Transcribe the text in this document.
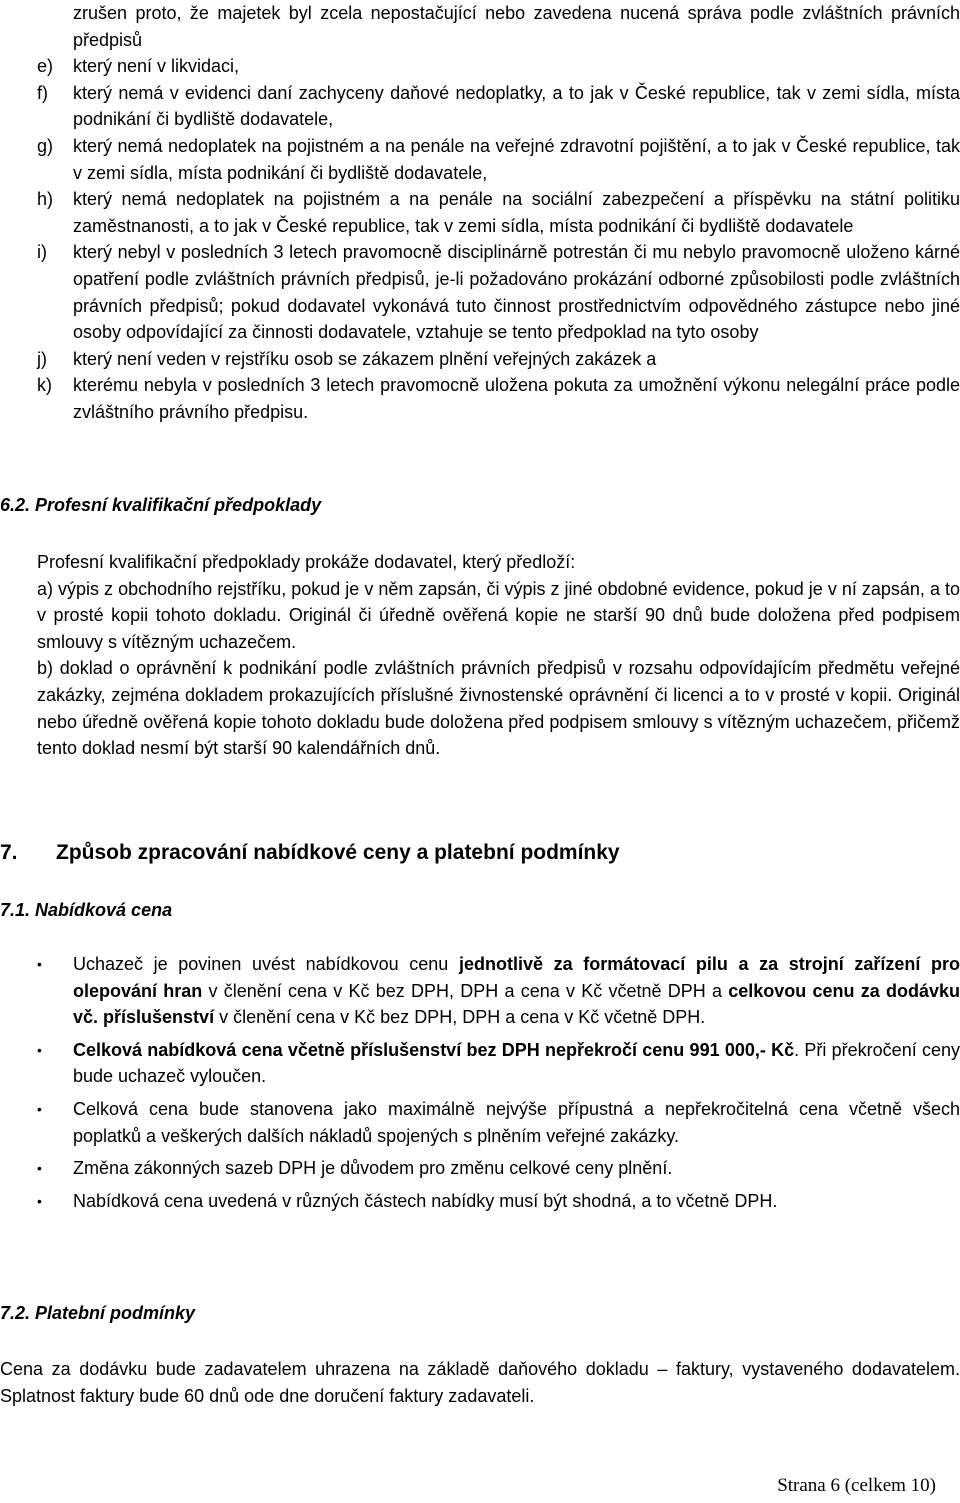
zrušen proto, že majetek byl zcela nepostačující nebo zavedena nucená správa podle zvláštních právních předpisů
e)	který není v likvidaci,
f)	který nemá v evidenci daní zachyceny daňové nedoplatky, a to jak v České republice, tak v zemi sídla, místa podnikání či bydliště dodavatele,
g)	který nemá nedoplatek na pojistném a na penále na veřejné zdravotní pojištění, a to jak v České republice, tak v zemi sídla, místa podnikání či bydliště dodavatele,
h)	který nemá nedoplatek na pojistném a na penále na sociální zabezpečení a příspěvku na státní politiku zaměstnanosti, a to jak v České republice, tak v zemi sídla, místa podnikání či bydliště dodavatele
i)	který nebyl v posledních 3 letech pravomocně disciplinárně potrestán či mu nebylo pravomocně uloženo kárné opatření podle zvláštních právních předpisů, je-li požadováno prokázání odborné způsobilosti podle zvláštních právních předpisů; pokud dodavatel vykonává tuto činnost prostřednictvím odpovědného zástupce nebo jiné osoby odpovídající za činnosti dodavatele, vztahuje se tento předpoklad na tyto osoby
j)	který není veden v rejstříku osob se zákazem plnění veřejných zakázek a
k)	kterému nebyla v posledních 3 letech pravomocně uložena pokuta za umožnění výkonu nelegální práce podle zvláštního právního předpisu.
6.2. Profesní kvalifikační předpoklady
Profesní kvalifikační předpoklady prokáže dodavatel, který předloží:
a) výpis z obchodního rejstříku, pokud je v něm zapsán, či výpis z jiné obdobné evidence, pokud je v ní zapsán, a to v prosté kopii tohoto dokladu. Originál či úředně ověřená kopie ne starší 90 dnů bude doložena před podpisem smlouvy s vítězným uchazečem.
b) doklad o oprávnění k podnikání podle zvláštních právních předpisů v rozsahu odpovídajícím předmětu veřejné zakázky, zejména dokladem prokazujících příslušné živnostenské oprávnění či licenci a to v prosté v kopii. Originál nebo úředně ověřená kopie tohoto dokladu bude doložena před podpisem smlouvy s vítězným uchazečem, přičemž tento doklad nesmí být starší 90 kalendářních dnů.
7. Způsob zpracování nabídkové ceny a platební podmínky
7.1. Nabídková cena
•	Uchazeč je povinen uvést nabídkovou cenu jednotlivě za formátovací pilu a za strojní zařízení pro olepování hran v členění cena v Kč bez DPH, DPH a cena v Kč včetně DPH a celkovou cenu za dodávku vč. příslušenství v členění cena v Kč bez DPH, DPH a cena v Kč včetně DPH.
•	Celková nabídková cena včetně příslušenství bez DPH nepřekročí cenu 991 000,- Kč. Při překročení ceny bude uchazeč vyloučen.
•	Celková cena bude stanovena jako maximálně nejvýše přípustná a nepřekročitelná cena včetně všech poplatků a veškerých dalších nákladů spojených s plněním veřejné zakázky.
•	Změna zákonných sazeb DPH je důvodem pro změnu celkové ceny plnění.
•	Nabídková cena uvedená v různých částech nabídky musí být shodná, a to včetně DPH.
7.2. Platební podmínky
Cena za dodávku bude zadavatelem uhrazena na základě daňového dokladu – faktury, vystaveného dodavatelem. Splatnost faktury bude 60 dnů ode dne doručení faktury zadavateli.
Strana 6 (celkem 10)
